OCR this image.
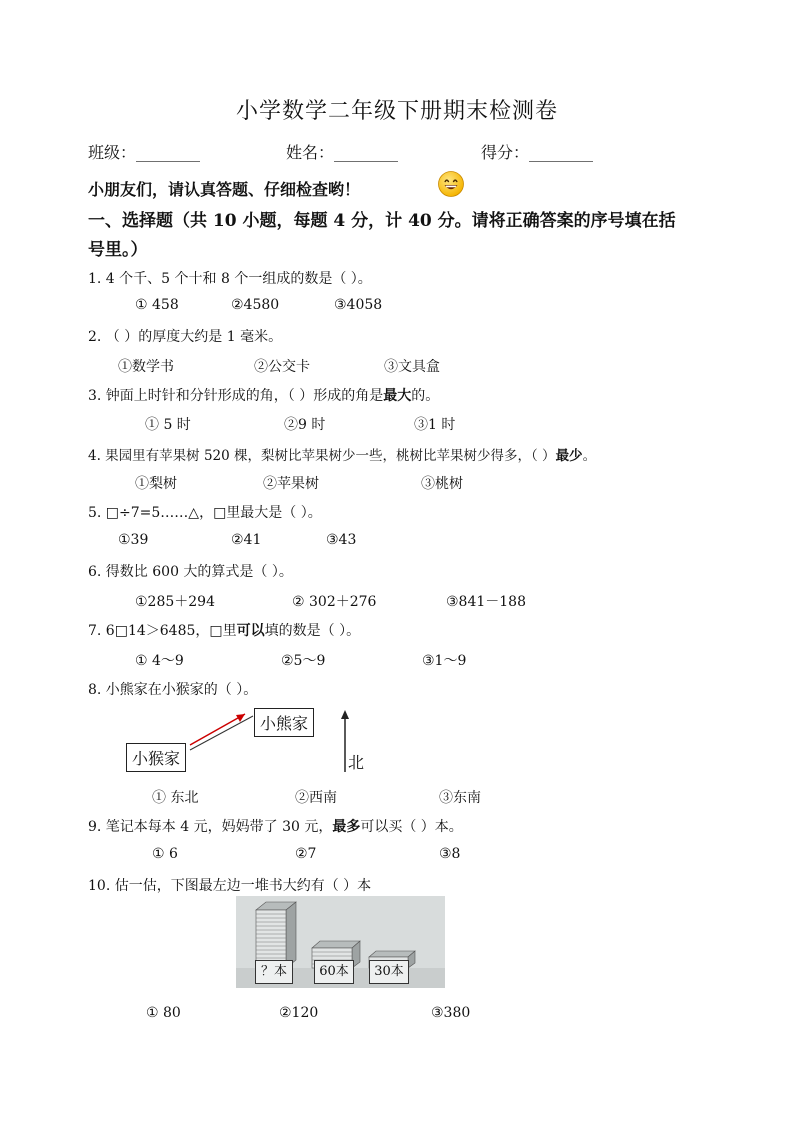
小学数学二年级下册期末检测卷
班级：________	姓名：________	得分：________
小朋友们，请认真答题、仔细检查哟！
一、选择题（共 10 小题，每题 4 分，计 40 分。请将正确答案的序号填在括
号里。）
1. 4 个千、5 个十和 8 个一组成的数是（ ）。
① 458	②4580	③4058
2. （ ）的厚度大约是 1 毫米。
①数学书	②公交卡	③文具盒
3. 钟面上时针和分针形成的角，（ ）形成的角是最大的。
① 5 时	②9 时	③1 时
4. 果园里有苹果树 520 棵，梨树比苹果树少一些，桃树比苹果树少得多，（ ）最少。
①梨树	②苹果树	③桃树
5. □÷7=5……△，□里最大是（ ）。
①39	②41	③43
6. 得数比 600 大的算式是（ ）。
①285＋294	② 302＋276	③841－188
7. 6□14＞6485，□里可以填的数是（ ）。
① 4～9	②5～9	③1～9
8. 小熊家在小猴家的（ ）。
小熊家
小猴家	北
① 东北	②西南	③东南
9. 笔记本每本 4 元，妈妈带了 30 元，最多可以买（ ）本。
① 6	②7	③8
10. 估一估，下图最左边一堆书大约有（ ）本
？本	60本	30本
① 80	②120	③380
